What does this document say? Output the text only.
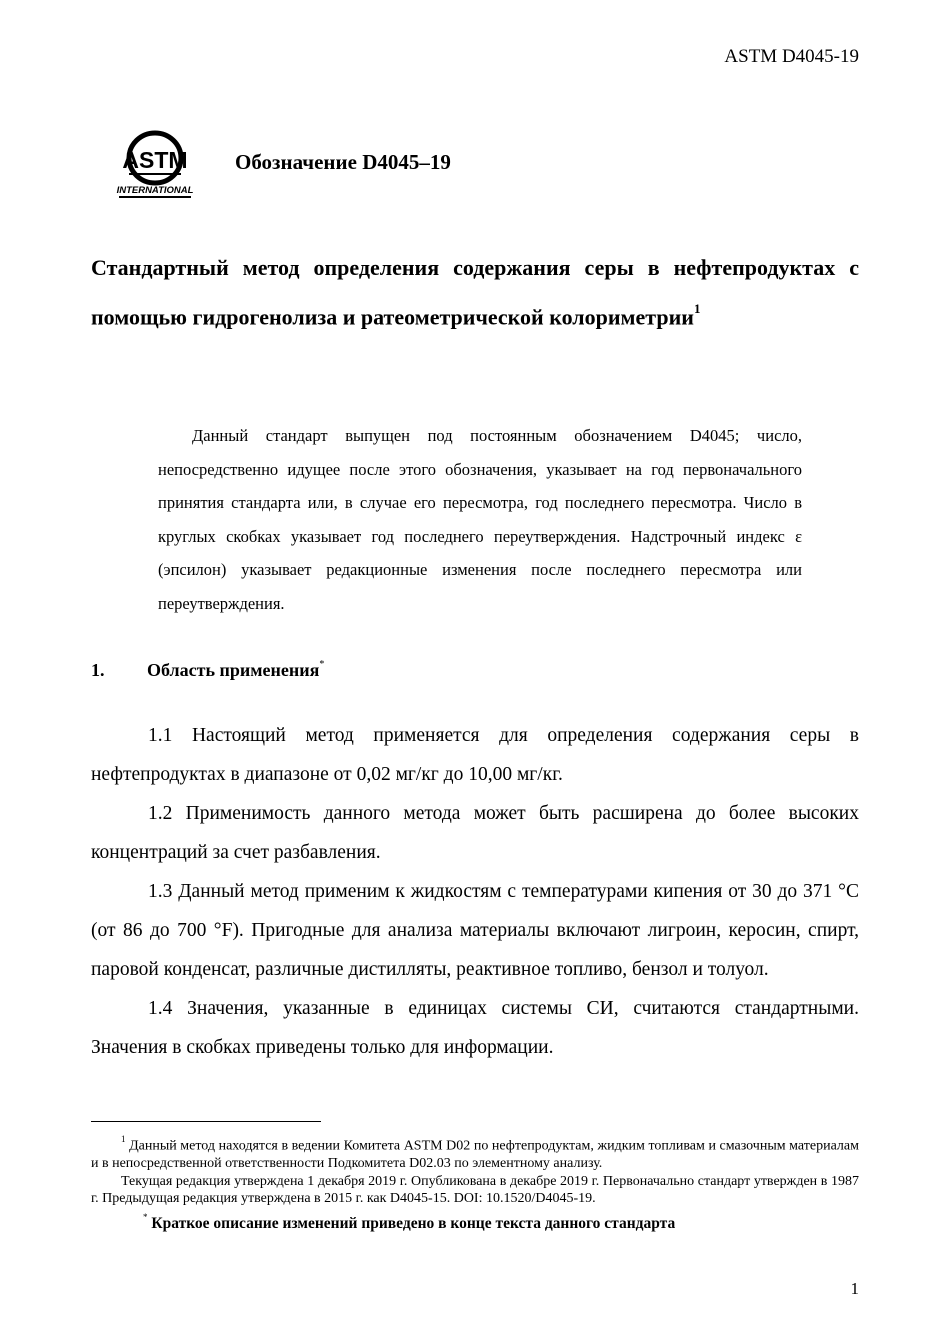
ASTM D4045-19
ASTM
INTERNATIONAL
Обозначение D4045–19
Стандартный метод определения содержания серы в нефтепродуктах с помощью гидрогенолиза и ратеометрической колориметрии$^1$
Данный стандарт выпущен под постоянным обозначением D4045; число, непосредственно идущее после этого обозначения, указывает на год первоначального принятия стандарта или, в случае его пересмотра, год последнего пересмотра. Число в круглых скобках указывает год последнего переутверждения. Надстрочный индекс ε (эпсилон) указывает редакционные изменения после последнего пересмотра или переутверждения.
1. Область применения*

1.1 Настоящий метод применяется для определения содержания серы в нефтепродуктах в диапазоне от 0,02 мг/кг до 10,00 мг/кг.

1.2 Применимость данного метода может быть расширена до более высоких концентраций за счет разбавления.

1.3 Данный метод применим к жидкостям с температурами кипения от 30 до 371 °С (от 86 до 700 °F). Пригодные для анализа материалы включают лигроин, керосин, спирт, паровой конденсат, различные дистилляты, реактивное топливо, бензол и толуол.

1.4 Значения, указанные в единицах системы СИ, считаются стандартными. Значения в скобках приведены только для информации.

$^1$ Данный метод находятся в ведении Комитета ASTM D02 по нефтепродуктам, жидким топливам и смазочным материалам и в непосредственной ответственности Подкомитета D02.03 по элементному анализу.

Текущая редакция утверждена 1 декабря 2019 г. Опубликована в декабре 2019 г. Первоначально стандарт утвержден в 1987 г. Предыдущая редакция утверждена в 2015 г. как D4045-15. DOI: 10.1520/D4045-19.

* Краткое описание изменений приведено в конце текста данного стандарта

1
